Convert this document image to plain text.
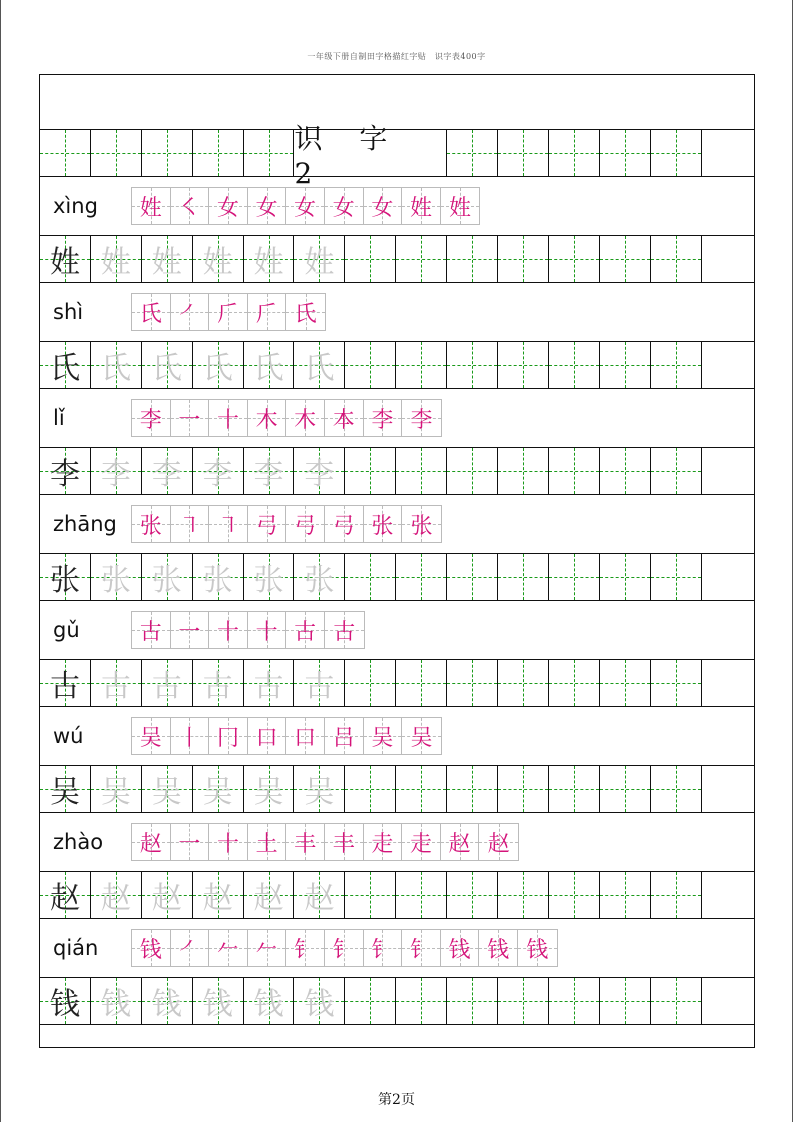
一年级下册自制田字格描红字贴　识字表400字
识 字 2
xìng	姓 ㇛ 女 女 女 女 女 姓 姓
姓 姓 姓 姓 姓 姓
shì	氏 ㇒ 𠂆 𠂆 氏
氏 氏 氏 氏 氏 氏
lǐ	李 一 十 木 木 本 李 李
李 李 李 李 李 李
zhāng	张 ㇕ ㇕ 弓 弓 弓 张 张
张 张 张 张 张 张
gǔ	古 一 十 十 古 古
古 古 古 古 古 古
wú	吴 丨 冂 口 口 吕 吴 吴
吴 吴 吴 吴 吴 吴
zhào	赵 一 十 土 丰 丰 走 走 赵 赵
赵 赵 赵 赵 赵 赵
qián	钱 ㇒ 𠂉 𠂉 钅 钅 钅 钅 钱 钱 钱
钱 钱 钱 钱 钱 钱
第2页
